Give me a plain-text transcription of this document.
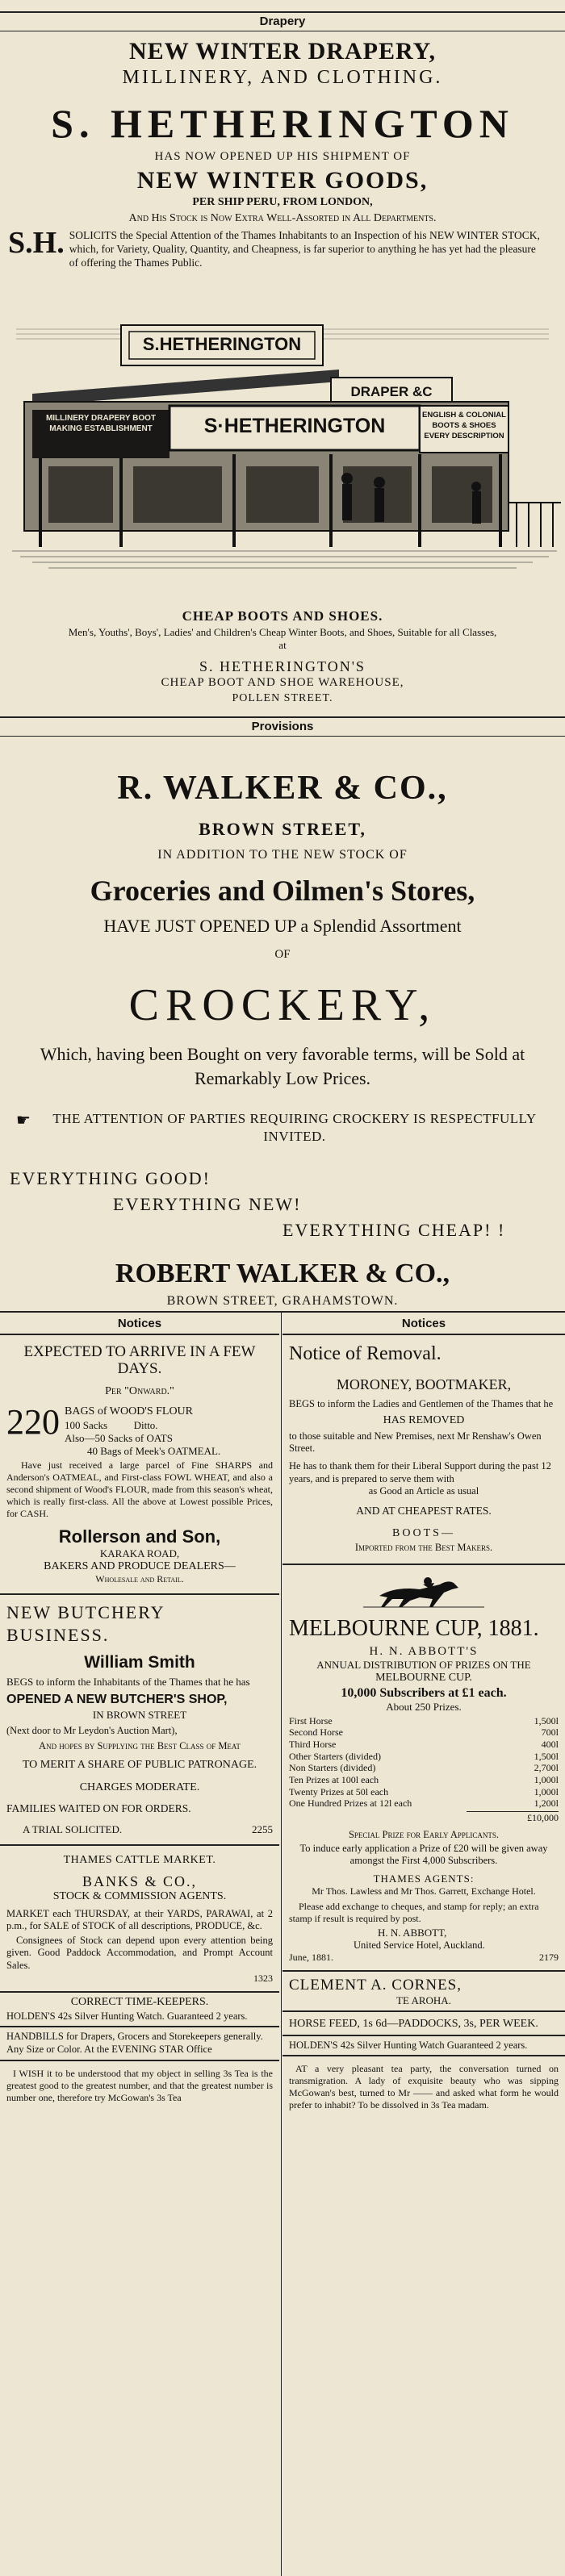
Drapery
NEW WINTER DRAPERY,
MILLINERY, AND CLOTHING.
S. HETHERINGTON
HAS NOW OPENED UP HIS SHIPMENT OF
NEW WINTER GOODS,
PER SHIP PERU, FROM LONDON,
And His Stock is Now Extra Well-Assorted in All Departments.
S.H. SOLICITS the Special Attention of the Thames Inhabitants to an Inspection of his NEW WINTER STOCK, which, for Variety, Quality, Quantity, and Cheapness, is far superior to anything he has yet had the pleasure of offering the Thames Public.
S.HETHERINGTON
DRAPER &C
S·HETHERINGTON
MILLINERY DRAPERY BOOT MAKING ESTABLISHMENT
ENGLISH & COLONIAL BOOTS & SHOES EVERY DESCRIPTION
CHEAP BOOTS AND SHOES.
Men's, Youths', Boys', Ladies' and Children's Cheap Winter Boots, and Shoes, Suitable for all Classes, at
S. HETHERINGTON'S
CHEAP BOOT AND SHOE WAREHOUSE,
POLLEN STREET.
Provisions
R. WALKER & CO.,
BROWN STREET,
IN ADDITION TO THE NEW STOCK OF
Groceries and Oilmen's Stores,
HAVE JUST OPENED UP a Splendid Assortment
OF
CROCKERY,
Which, having been Bought on very favorable terms, will be Sold at Remarkably Low Prices.
☛	THE ATTENTION OF PARTIES REQUIRING CROCKERY IS RESPECTFULLY INVITED.
EVERYTHING GOOD!
EVERYTHING NEW!
EVERYTHING CHEAP! !
ROBERT WALKER & CO.,
BROWN STREET, GRAHAMSTOWN.
Notices
EXPECTED TO ARRIVE IN A FEW DAYS.
Per "Onward."
220 BAGS of WOOD'S FLOUR
100 Sacks          Ditto.
Also—50 Sacks of OATS
40 Bags of Meek's OATMEAL.
Have just received a large parcel of Fine SHARPS and Anderson's OATMEAL, and First-class FOWL WHEAT, and also a second shipment of Wood's FLOUR, made from this season's wheat, which is really first-class. All the above at Lowest possible Prices, for CASH.
Rollerson and Son,
KARAKA ROAD,
BAKERS AND PRODUCE DEALERS—
Wholesale and Retail.
NEW BUTCHERY BUSINESS.
William Smith
BEGS to inform the Inhabitants of the Thames that he has
OPENED A NEW BUTCHER'S SHOP,
IN BROWN STREET
(Next door to Mr Leydon's Auction Mart),
And hopes by Supplying the Best Class of Meat
TO MERIT A SHARE OF PUBLIC PATRONAGE.
CHARGES MODERATE.
FAMILIES WAITED ON FOR ORDERS.
A TRIAL SOLICITED.	2255
THAMES CATTLE MARKET.
BANKS & CO.,
STOCK & COMMISSION AGENTS.
MARKET each THURSDAY, at their YARDS, PARAWAI, at 2 p.m., for SALE of STOCK of all descriptions, PRODUCE, &c.
Consignees of Stock can depend upon every attention being given. Good Paddock Accommodation, and Prompt Account Sales.
1323
CORRECT TIME-KEEPERS.
HOLDEN'S 42s Silver Hunting Watch. Guaranteed 2 years.
HANDBILLS for Drapers, Grocers and Storekeepers generally. Any Size or Color. At the EVENING STAR Office
I WISH it to be understood that my object in selling 3s Tea is the greatest good to the greatest number, and that the greatest number is number one, therefore try McGowan's 3s Tea
Notices
Notice of Removal.
MORONEY, BOOTMAKER,
BEGS to inform the Ladies and Gentlemen of the Thames that he
HAS REMOVED
to those suitable and New Premises, next Mr Renshaw's Owen Street.
He has to thank them for their Liberal Support during the past 12 years, and is prepared to serve them with
as Good an Article as usual
AND AT CHEAPEST RATES.
BOOTS—
Imported from the Best Makers.
MELBOURNE CUP, 1881.
H. N. ABBOTT'S
ANNUAL DISTRIBUTION OF PRIZES ON THE
MELBOURNE CUP.
10,000 Subscribers at £1 each.
About 250 Prizes.
First Horse	1,500l
Second Horse	700l
Third Horse	400l
Other Starters (divided)	1,500l
Non Starters (divided)	2,700l
Ten Prizes at 100l each	1,000l
Twenty Prizes at 50l each	1,000l
One Hundred Prizes at 12l each	1,200l
£10,000
Special Prize for Early Applicants.
To induce early application a Prize of £20 will be given away amongst the First 4,000 Subscribers.
THAMES AGENTS:
Mr Thos. Lawless and Mr Thos. Garrett, Exchange Hotel.
Please add exchange to cheques, and stamp for reply; an extra stamp if result is required by post.
H. N. ABBOTT,
United Service Hotel, Auckland.
June, 1881.	2179
CLEMENT A. CORNES,
TE AROHA.
HORSE FEED, 1s 6d—PADDOCKS, 3s, PER WEEK.
HOLDEN'S 42s Silver Hunting Watch Guaranteed 2 years.
AT a very pleasant tea party, the conversation turned on transmigration. A lady of exquisite beauty who was sipping McGowan's best, turned to Mr —— and asked what form he would prefer to inhabit? To be dissolved in 3s Tea madam.
